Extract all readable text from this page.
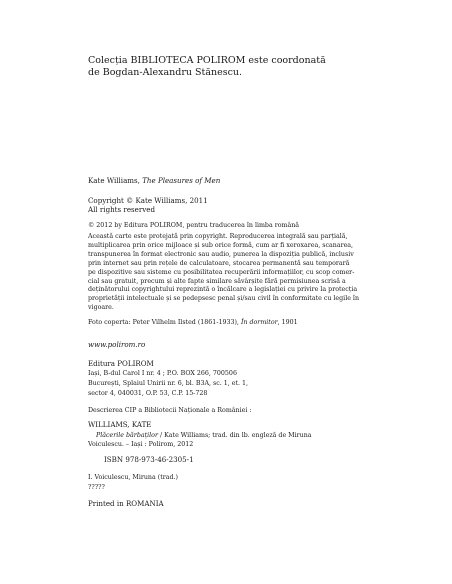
Colecția BIBLIOTECA POLIROM este coordonată
de Bogdan-Alexandru Stănescu.
Kate Williams, The Pleasures of Men
Copyright © Kate Williams, 2011
All rights reserved
© 2012 by Editura POLIROM, pentru traducerea în limba română
Această carte este protejată prin copyright. Reproducerea integrală sau parțială,
multiplicarea prin orice mijloace și sub orice formă, cum ar fi xeroxarea, scanarea,
transpunerea în format electronic sau audio, punerea la dispoziția publică, inclusiv
prin internet sau prin rețele de calculatoare, stocarea permanentă sau temporară
pe dispozitive sau sisteme cu posibilitatea recuperării informațiilor, cu scop comer-
cial sau gratuit, precum și alte fapte similare săvârșite fără permisiunea scrisă a
deținătorului copyrightului reprezintă o încălcare a legislației cu privire la protecția
proprietății intelectuale și se pedepsesc penal și/sau civil în conformitate cu legile în
vigoare.
Foto coperta: Peter Vilhelm Ilsted (1861-1933), În dormitor, 1901
www.polirom.ro
Editura POLIROM
Iași, B-dul Carol I nr. 4 ; P.O. BOX 266, 700506
București, Splaiul Unirii nr. 6, bl. B3A, sc. 1, et. 1,
sector 4, 040031, O.P. 53, C.P. 15-728
Descrierea CIP a Bibliotecii Naționale a României :
WILLIAMS, KATE
Plăcerile bărbaților / Kate Williams; trad. din lb. engleză de Miruna
Voiculescu. – Iași : Polirom, 2012
ISBN 978-973-46-2305-1
I. Voiculescu, Miruna (trad.)
?????
Printed in ROMANIA
